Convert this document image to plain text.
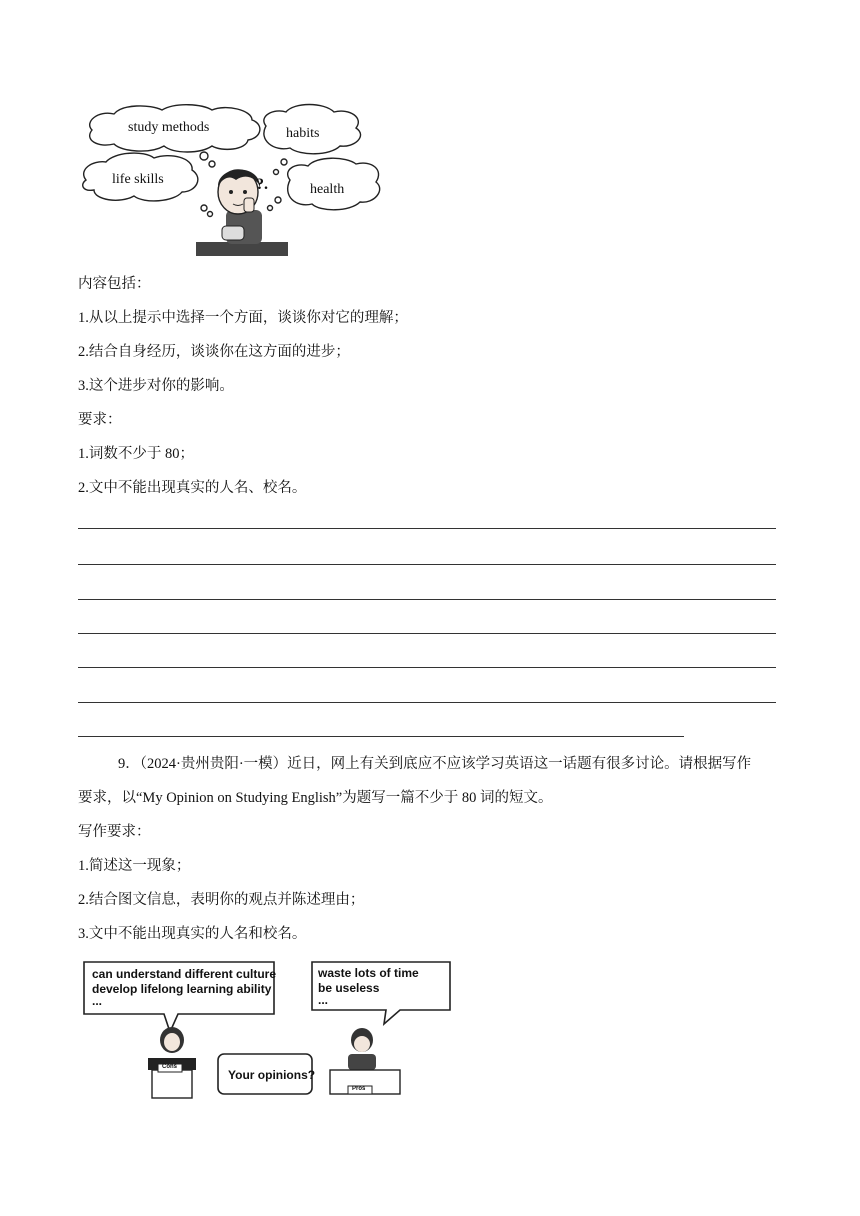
study methods	habits
life skills
health
?.
内容包括：
1.从以上提示中选择一个方面，谈谈你对它的理解；
2.结合自身经历，谈谈你在这方面的进步；
3.这个进步对你的影响。
要求：
1.词数不少于 80；
2.文中不能出现真实的人名、校名。
9．（2024·贵州贵阳·一模）近日，网上有关到底应不应该学习英语这一话题有很多讨论。请根据写作
要求，以“My Opinion on Studying English”为题写一篇不少于 80 词的短文。
写作要求：
1.简述这一现象；
2.结合图文信息，表明你的观点并陈述理由；
3.文中不能出现真实的人名和校名。
can understand different culture
develop lifelong learning ability
...
waste lots of time
be useless
...
Your opinions?
Cons
Pros
